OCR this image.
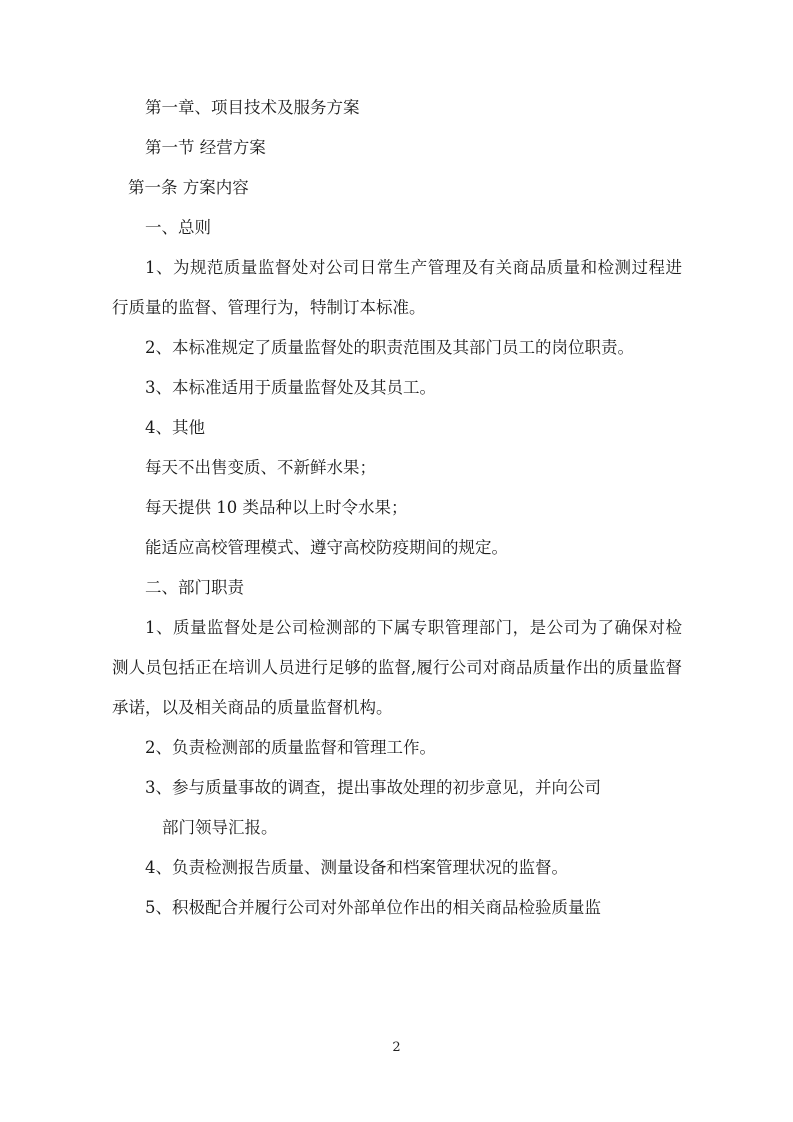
第一章、项目技术及服务方案

第一节 经营方案

第一条 方案内容

一、总则

1、为规范质量监督处对公司日常生产管理及有关商品质量和检测过程进行质量的监督、管理行为，特制订本标准。

2、本标准规定了质量监督处的职责范围及其部门员工的岗位职责。

3、本标准适用于质量监督处及其员工。

4、其他

每天不出售变质、不新鲜水果；

每天提供 10 类品种以上时令水果；

能适应高校管理模式、遵守高校防疫期间的规定。

二、部门职责

1、质量监督处是公司检测部的下属专职管理部门，是公司为了确保对检测人员包括正在培训人员进行足够的监督,履行公司对商品质量作出的质量监督承诺，以及相关商品的质量监督机构。

2、负责检测部的质量监督和管理工作。

3、参与质量事故的调查，提出事故处理的初步意见，并向公司

部门领导汇报。

4、负责检测报告质量、测量设备和档案管理状况的监督。

5、积极配合并履行公司对外部单位作出的相关商品检验质量监

2
